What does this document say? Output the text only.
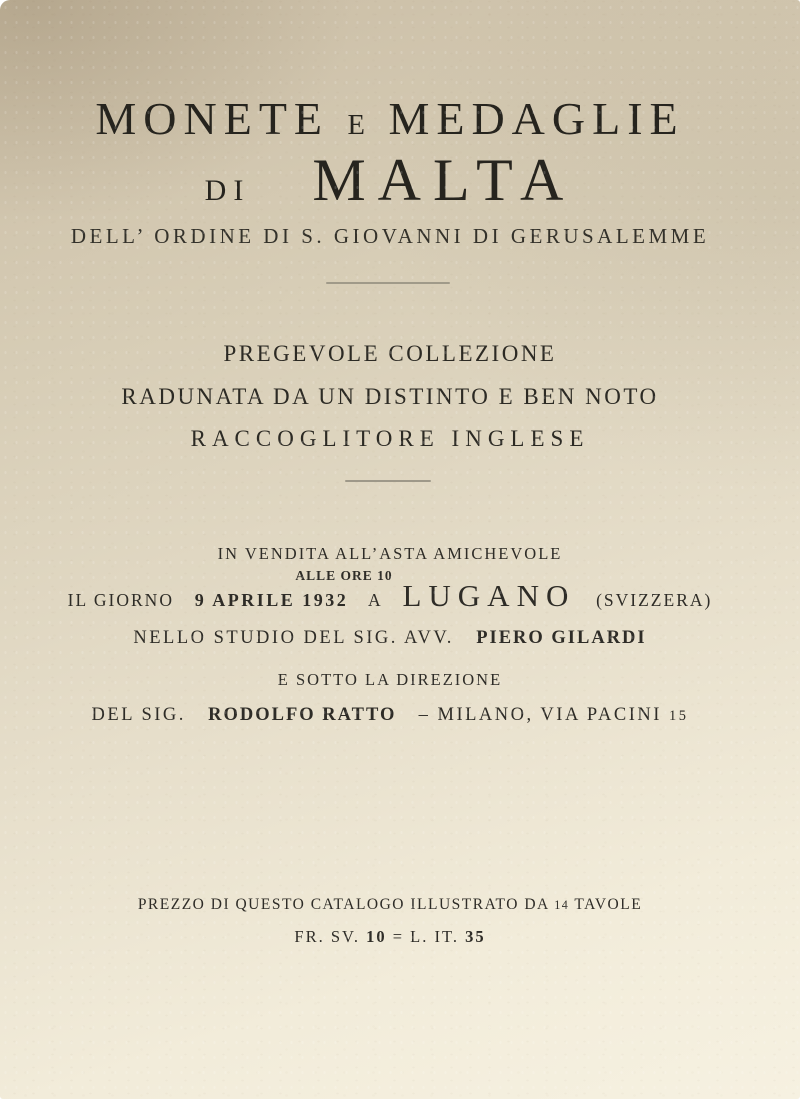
MONETE E MEDAGLIE
DI MALTA
DELL’ ORDINE DI S. GIOVANNI DI GERUSALEMME
PREGEVOLE COLLEZIONE
RADUNATA DA UN DISTINTO E BEN NOTO
RACCOGLITORE INGLESE
IN VENDITA ALL’ASTA AMICHEVOLE
ALLE ORE 10
IL GIORNO 9 APRILE 1932 A LUGANO (SVIZZERA)
NELLO STUDIO DEL SIG. AVV. PIERO GILARDI
E SOTTO LA DIREZIONE
DEL SIG. RODOLFO RATTO – MILANO, VIA PACINI 15
PREZZO DI QUESTO CATALOGO ILLUSTRATO DA 14 TAVOLE
FR. SV. 10 = L. IT. 35
